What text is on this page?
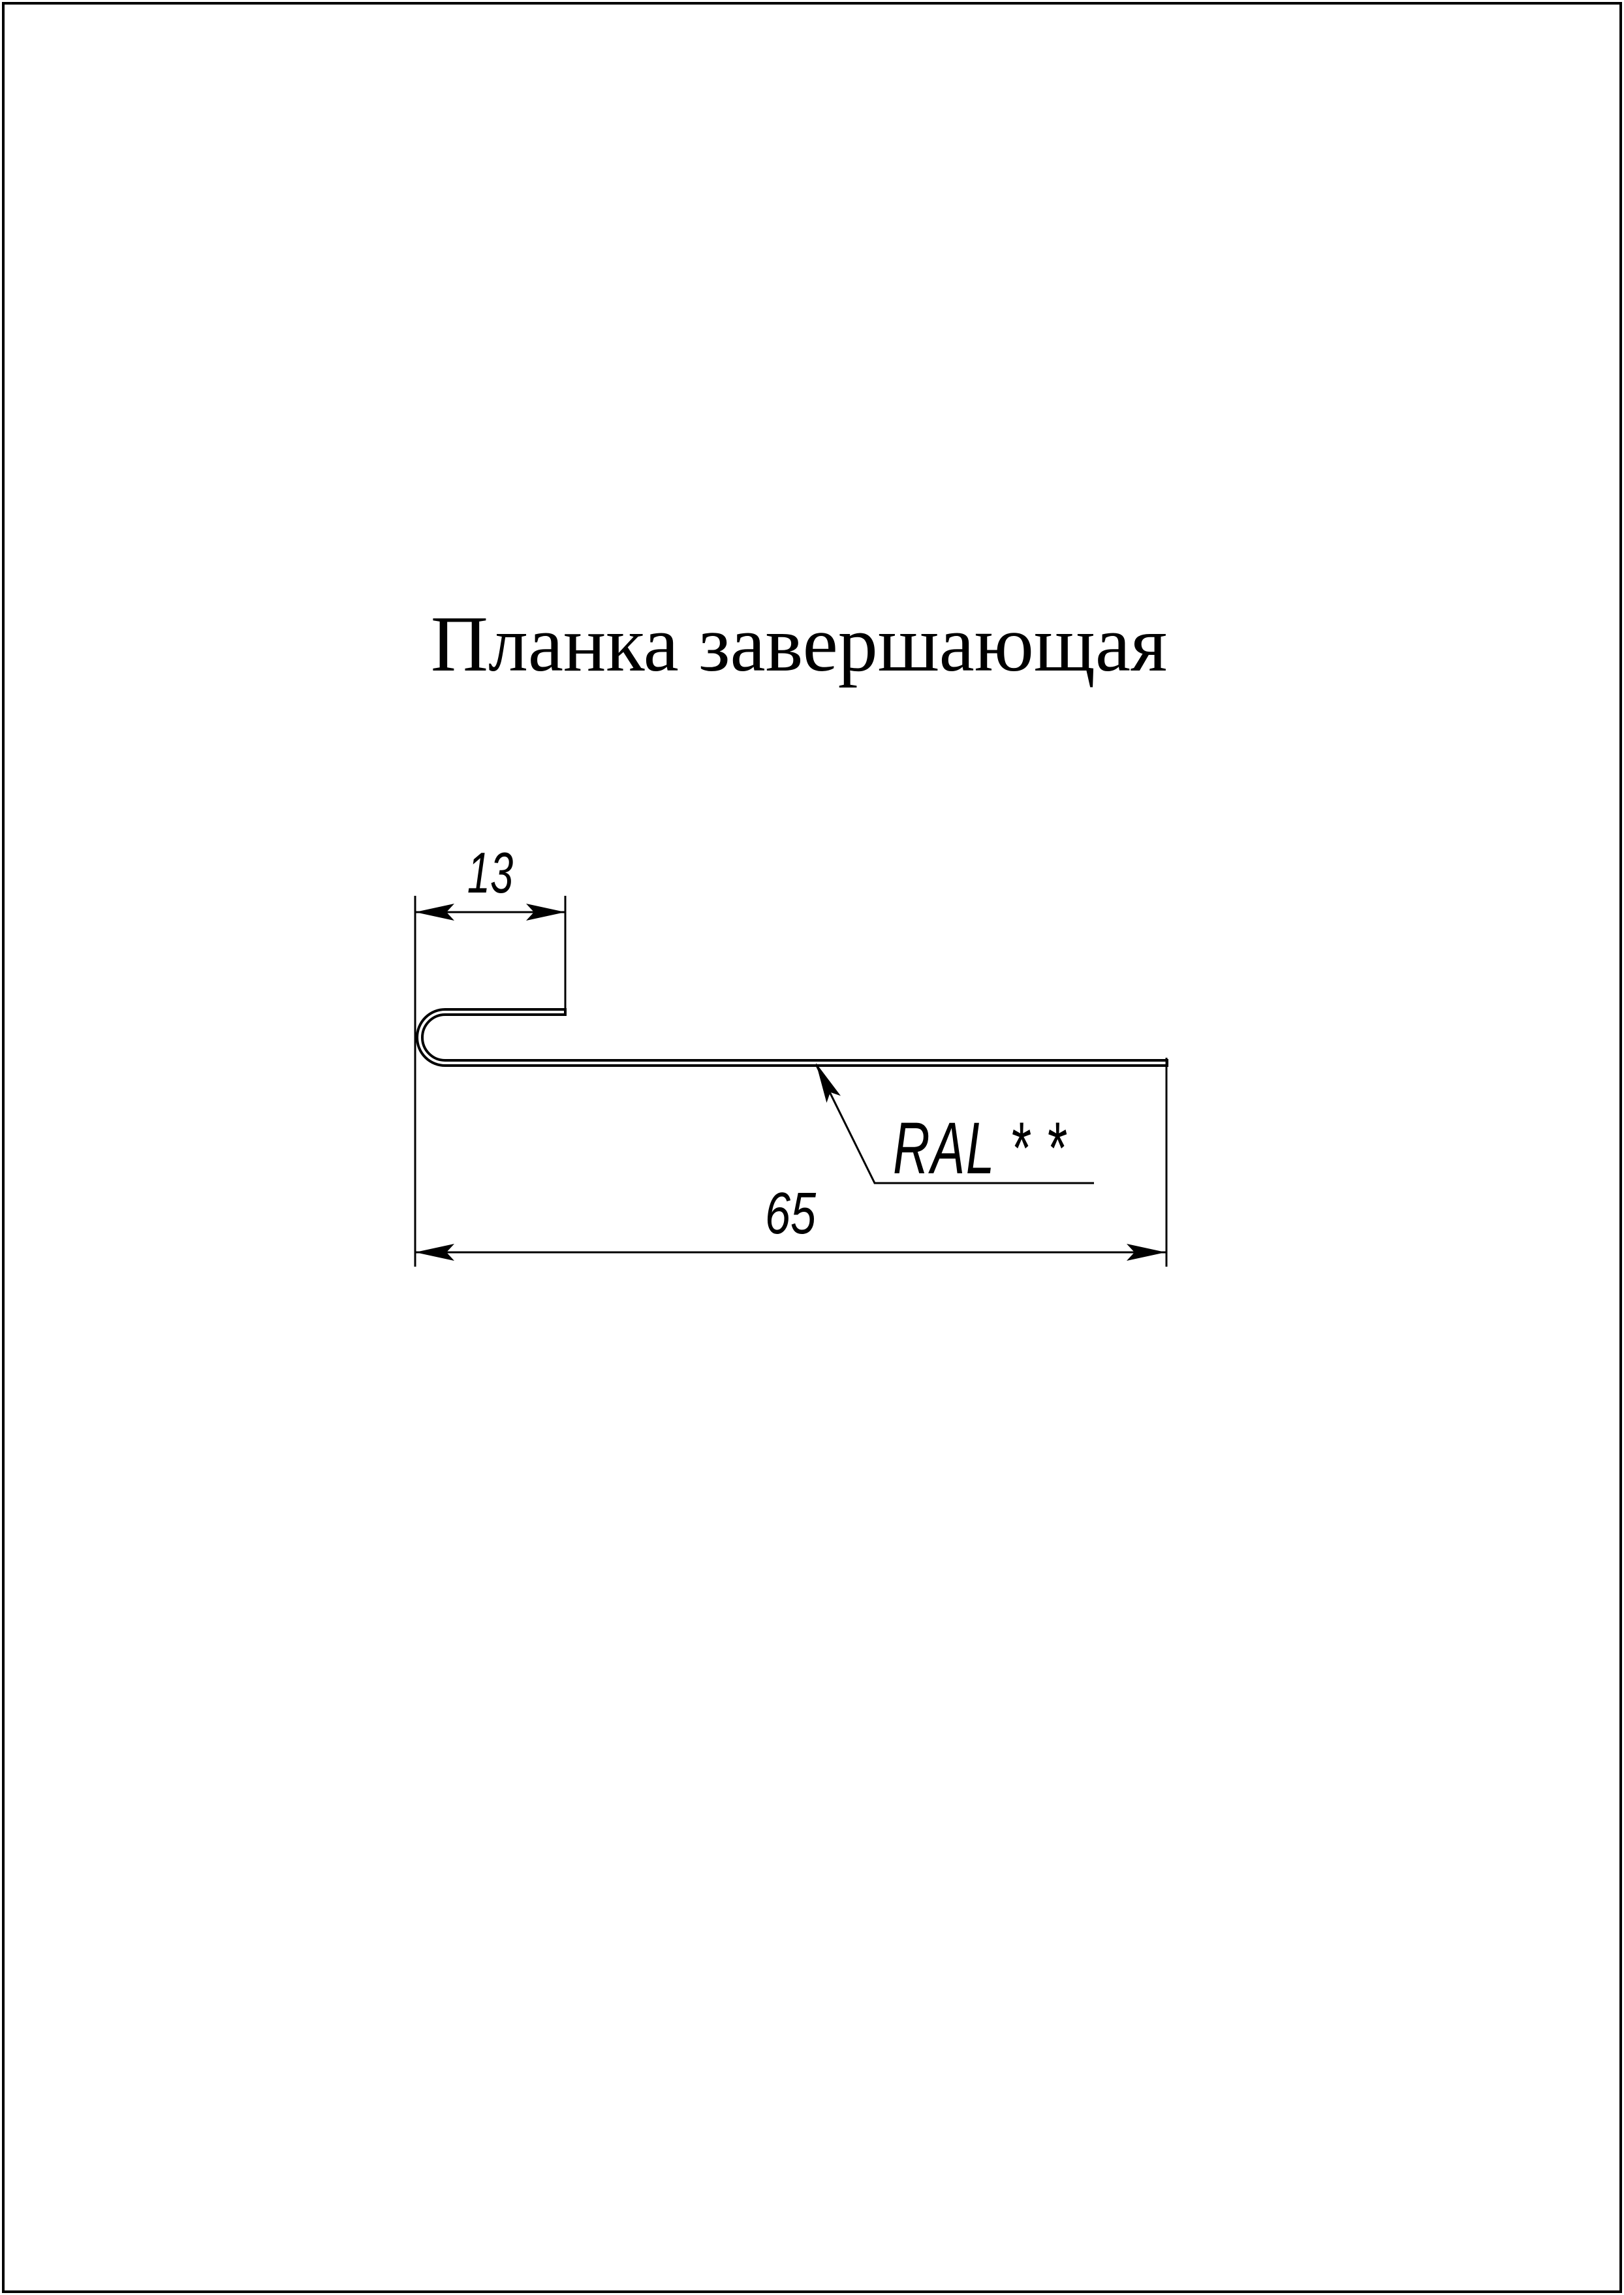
Планка завершающая
13
65
RAL * *
